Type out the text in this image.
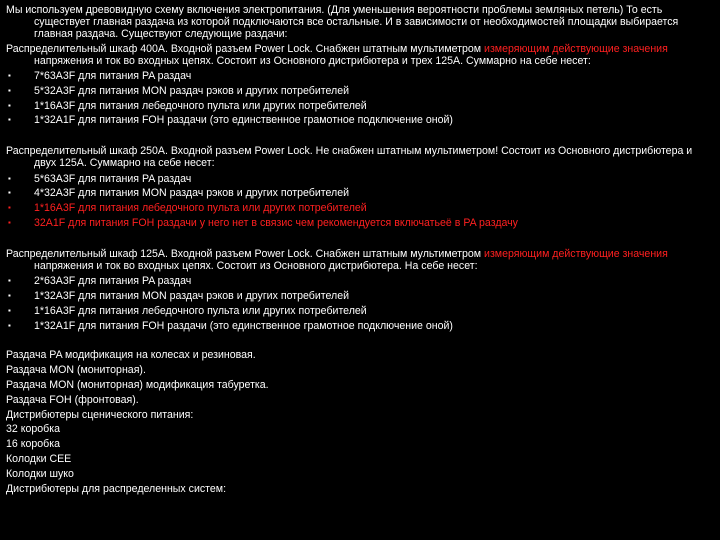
Мы используем древовидную схему включения электропитания. (Для уменьшения вероятности проблемы земляных петель) То есть существует главная раздача из которой подключаются все остальные. И в зависимости от необходимостей площадки выбирается главная раздача. Существуют следующие раздачи:

Распределительный шкаф 400А. Входной разъем Power Lock. Снабжен штатным мультиметром измеряющим действующие значения напряжения и ток во входных цепях. Состоит из Основного дистрибютера и трех 125А. Суммарно на себе несет:

▪ 7*63A3F для питания PA раздач
▪ 5*32A3F для питания MON раздач рэков и других потребителей
▪ 1*16A3F для питания лебедочного пульта или других потребителей
▪ 1*32A1F для питания FOH раздачи (это единственное грамотное подключение оной)

Распределительный шкаф 250А. Входной разъем Power Lock. Не снабжен штатным мультиметром! Состоит из Основного дистрибютера и двух 125А. Суммарно на себе несет:

▪ 5*63A3F для питания PA раздач
▪ 4*32A3F для питания MON раздач рэков и других потребителей
▪ 1*16A3F для питания лебедочного пульта или других потребителей
▪ 32A1F для питания FOH раздачи у него нет в связис чем рекомендуется включатьеё в PA раздачу

Распределительный шкаф 125А. Входной разъем Power Lock. Снабжен штатным мультиметром измеряющим действующие значения напряжения и ток во входных цепях. Состоит из Основного дистрибютера. На себе несет:

▪ 2*63A3F для питания PA раздач
▪ 1*32A3F для питания MON раздач рэков и других потребителей
▪ 1*16A3F для питания лебедочного пульта или других потребителей
▪ 1*32A1F для питания FOH раздачи (это единственное грамотное подключение оной)

Раздача PA модификация на колесах и резиновая.

Раздача MON (мониторная).

Раздача MON (мониторная) модификация табуретка.

Раздача FOH (фронтовая).

Дистрибютеры сценического питания:

32 коробка

16 коробка

Колодки CEE

Колодки шуко

Дистрибютеры для распределенных систем:
